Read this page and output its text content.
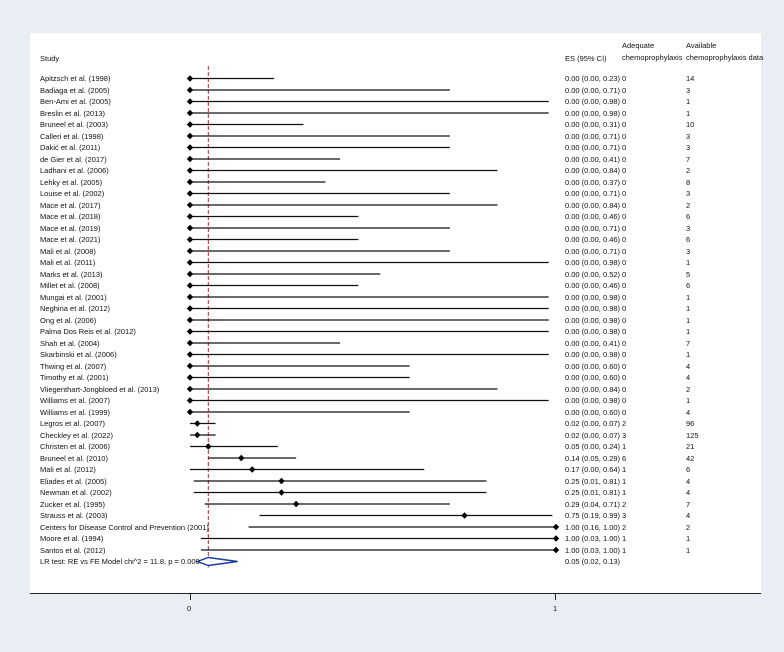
Study	ES (95% CI)
Adequate
chemoprophylaxis
Available
chemoprophylaxis data
Apitzsch et al. (1998)	0.00 (0.00, 0.23) 0	14
Badiaga et al. (2005)	0.00 (0.00, 0.71) 0	3
Ben-Ami et al. (2005)	0.00 (0.00, 0.98) 0	1
Breslin et al. (2013)	0.00 (0.00, 0.98) 0	1
Bruneel et al. (2003)	0.00 (0.00, 0.31) 0	10
Calleri et al. (1998)	0.00 (0.00, 0.71) 0	3
Dakić et al. (2011)	0.00 (0.00, 0.71) 0	3
de Gier et al. (2017)	0.00 (0.00, 0.41) 0	7
Ladhani et al. (2006)	0.00 (0.00, 0.84) 0	2
Lehky et al. (2005)	0.00 (0.00, 0.37) 0	8
Louise et al. (2002)	0.00 (0.00, 0.71) 0	3
Mace et al. (2017)	0.00 (0.00, 0.84) 0	2
Mace et al. (2018)	0.00 (0.00, 0.46) 0	6
Mace et al. (2019)	0.00 (0.00, 0.71) 0	3
Mace et al. (2021)	0.00 (0.00, 0.46) 0	6
Mali et al. (2008)	0.00 (0.00, 0.71) 0	3
Mali et al. (2011)	0.00 (0.00, 0.98) 0	1
Marks et al. (2013)	0.00 (0.00, 0.52) 0	5
Millet et al. (2008)	0.00 (0.00, 0.46) 0	6
Mungai et al. (2001)	0.00 (0.00, 0.98) 0	1
Neghina et al. (2012)	0.00 (0.00, 0.98) 0	1
Ong et al. (2006)	0.00 (0.00, 0.98) 0	1
Palma Dos Reis et al. (2012)	0.00 (0.00, 0.98) 0	1
Shah et al. (2004)	0.00 (0.00, 0.41) 0	7
Skarbinski et al. (2006)	0.00 (0.00, 0.98) 0	1
Thwing et al. (2007)	0.00 (0.00, 0.60) 0	4
Timothy et al. (2001)	0.00 (0.00, 0.60) 0	4
Vliegenthart-Jongbloed et al. (2013)	0.00 (0.00, 0.84) 0	2
Williams et al. (2007)	0.00 (0.00, 0.98) 0	1
Williams et al. (1999)	0.00 (0.00, 0.60) 0	4
Legros et al. (2007)	0.02 (0.00, 0.07) 2	96
Checkley et al. (2022)	0.02 (0.00, 0.07) 3	125
Christen et al. (2006)	0.05 (0.00, 0.24) 1	21
Bruneel et al. (2010)	0.14 (0.05, 0.29) 6	42
Mali et al. (2012)	0.17 (0.00, 0.64) 1	6
Eliades et al. (2005)	0.25 (0.01, 0.81) 1	4
Newman et al. (2002)	0.25 (0.01, 0.81) 1	4
Zucker et al. (1995)	0.29 (0.04, 0.71) 2	7
Strauss et al. (2003)	0.75 (0.19, 0.99) 3	4
Centers for Disease Control and Prevention (2001)	1.00 (0.16, 1.00) 2	2
Moore et al. (1994)	1.00 (0.03, 1.00) 1	1
Santos et al. (2012)	1.00 (0.03, 1.00) 1	1
LR test: RE vs FE Model chi^2 = 11.8, p = 0.000	0.05 (0.02, 0.13)
0	1
